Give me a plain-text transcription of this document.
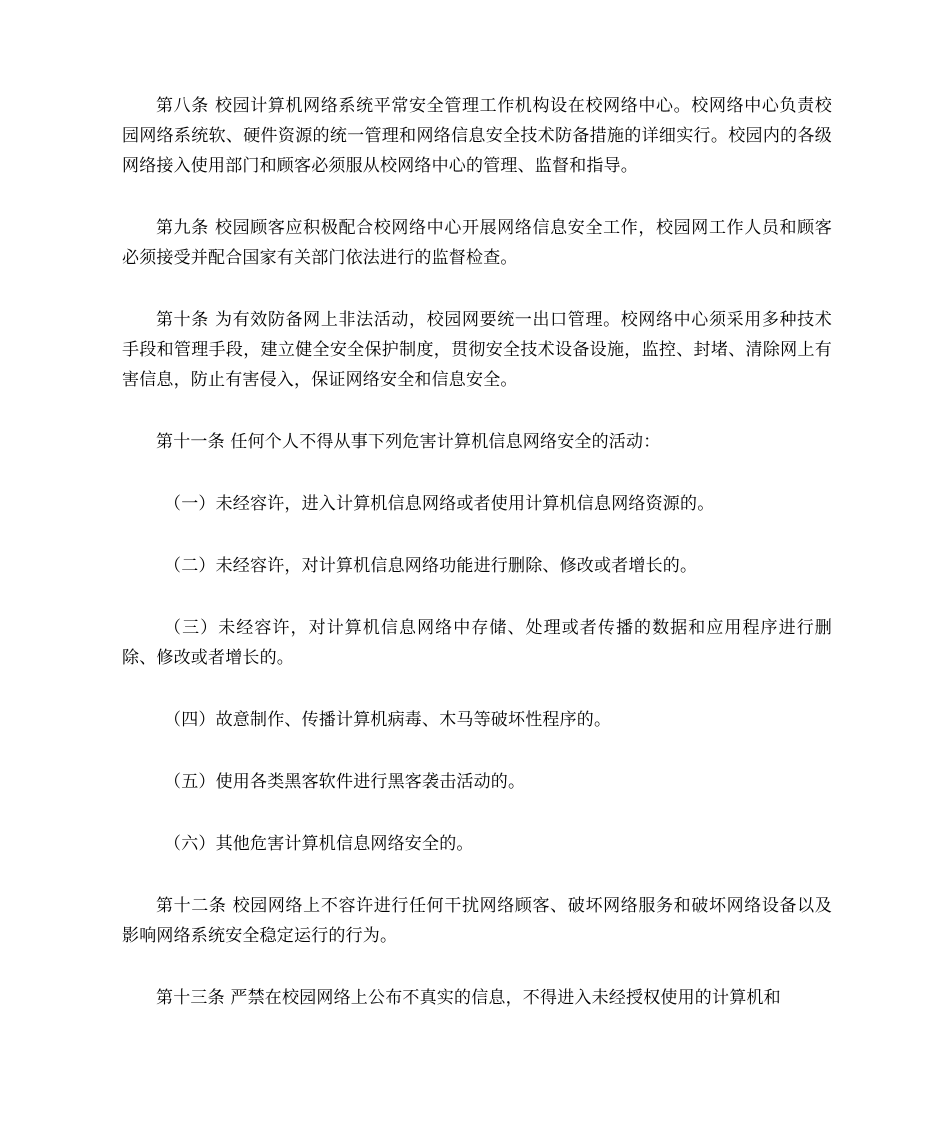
第八条 校园计算机网络系统平常安全管理工作机构设在校网络中心。校网络中心负责校园网络系统软、硬件资源的统一管理和网络信息安全技术防备措施的详细实行。校园内的各级网络接入使用部门和顾客必须服从校网络中心的管理、监督和指导。

第九条 校园顾客应积极配合校网络中心开展网络信息安全工作，校园网工作人员和顾客必须接受并配合国家有关部门依法进行的监督检查。

第十条 为有效防备网上非法活动，校园网要统一出口管理。校网络中心须采用多种技术手段和管理手段，建立健全安全保护制度，贯彻安全技术设备设施，监控、封堵、清除网上有害信息，防止有害侵入，保证网络安全和信息安全。

第十一条 任何个人不得从事下列危害计算机信息网络安全的活动：

（一）未经容许，进入计算机信息网络或者使用计算机信息网络资源的。

（二）未经容许，对计算机信息网络功能进行删除、修改或者增长的。

（三）未经容许，对计算机信息网络中存储、处理或者传播的数据和应用程序进行删除、修改或者增长的。

（四）故意制作、传播计算机病毒、木马等破坏性程序的。

（五）使用各类黑客软件进行黑客袭击活动的。

（六）其他危害计算机信息网络安全的。

第十二条 校园网络上不容许进行任何干扰网络顾客、破坏网络服务和破坏网络设备以及影响网络系统安全稳定运行的行为。

第十三条 严禁在校园网络上公布不真实的信息，不得进入未经授权使用的计算机和
